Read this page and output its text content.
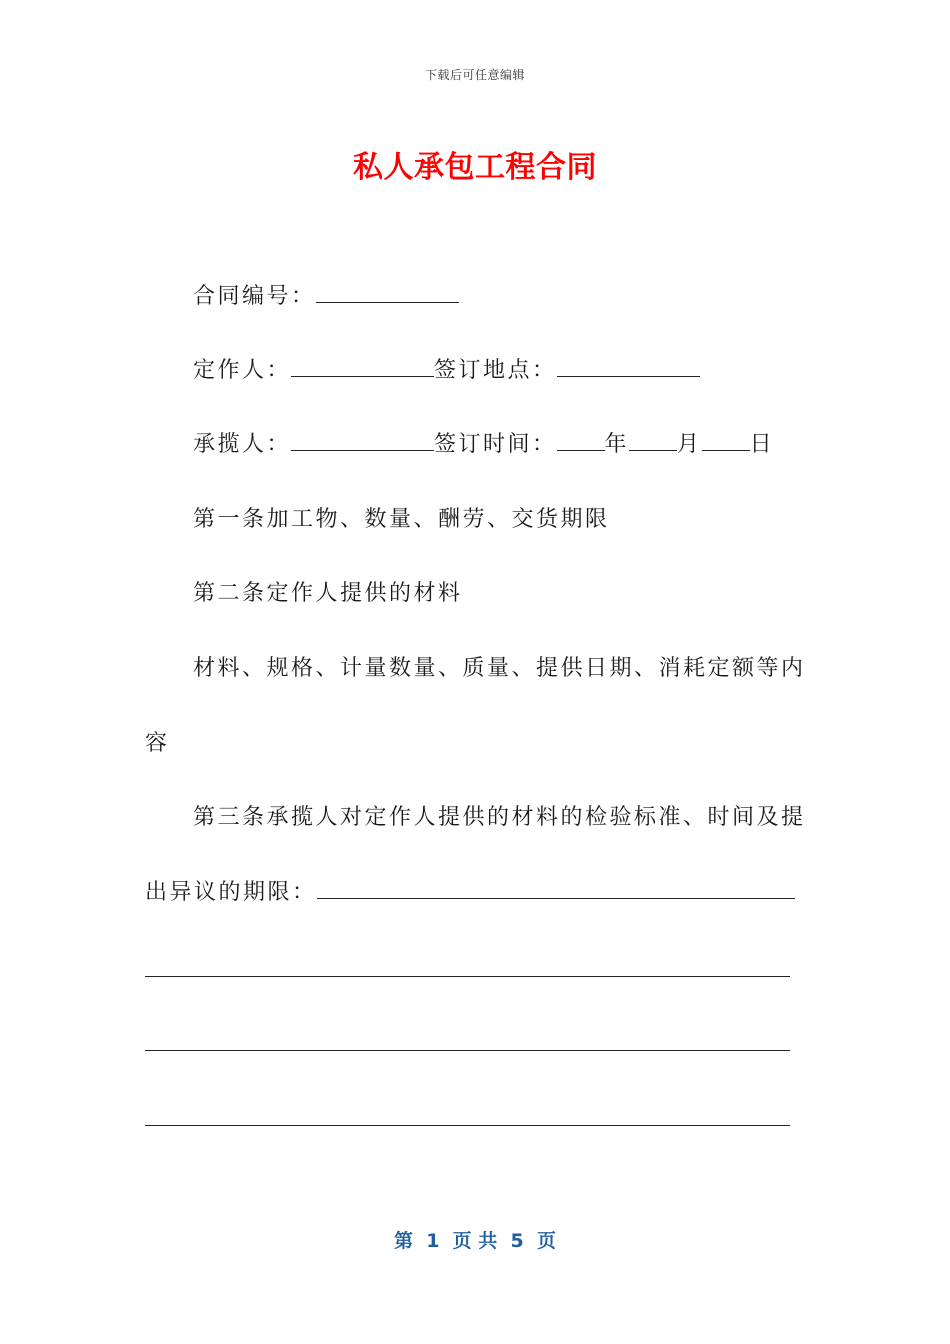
下载后可任意编辑
私人承包工程合同
合同编号：
定作人：	签订地点：
承揽人：	签订时间： 年 月 日
第一条加工物、数量、酬劳、交货期限
第二条定作人提供的材料
材料、规格、计量数量、质量、提供日期、消耗定额等内
容
第三条承揽人对定作人提供的材料的检验标准、时间及提
出异议的期限：
第  1  页 共  5  页
